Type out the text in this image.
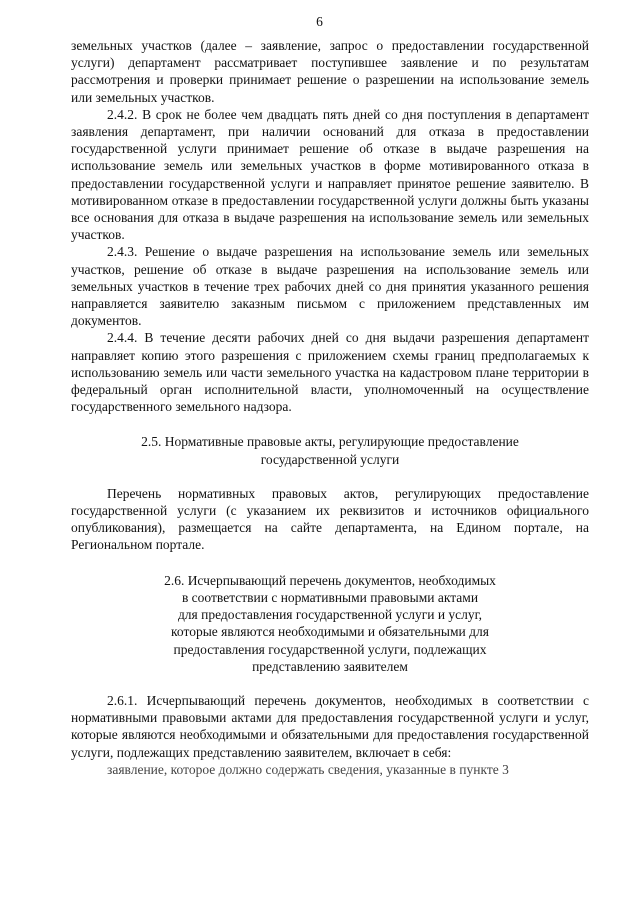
6

земельных участков (далее – заявление, запрос о предоставлении государственной услуги) департамент рассматривает поступившее заявление и по результатам рассмотрения и проверки принимает решение о разрешении на использование земель или земельных участков.

2.4.2. В срок не более чем двадцать пять дней со дня поступления в департамент заявления департамент, при наличии оснований для отказа в предоставлении государственной услуги принимает решение об отказе в выдаче разрешения на использование земель или земельных участков в форме мотивированного отказа в предоставлении государственной услуги и направляет принятое решение заявителю. В мотивированном отказе в предоставлении государственной услуги должны быть указаны все основания для отказа в выдаче разрешения на использование земель или земельных участков.

2.4.3. Решение о выдаче разрешения на использование земель или земельных участков, решение об отказе в выдаче разрешения на использование земель или земельных участков в течение трех рабочих дней со дня принятия указанного решения направляется заявителю заказным письмом с приложением представленных им документов.

2.4.4. В течение десяти рабочих дней со дня выдачи разрешения департамент направляет копию этого разрешения с приложением схемы границ предполагаемых к использованию земель или части земельного участка на кадастровом плане территории в федеральный орган исполнительной власти, уполномоченный на осуществление государственного земельного надзора.

2.5. Нормативные правовые акты, регулирующие предоставление

государственной услуги

Перечень нормативных правовых актов, регулирующих предоставление государственной услуги (с указанием их реквизитов и источников официального опубликования), размещается на сайте департамента, на Едином портале, на Региональном портале.

2.6. Исчерпывающий перечень документов, необходимых

в соответствии с нормативными правовыми актами

для предоставления государственной услуги и услуг,

которые являются необходимыми и обязательными для

предоставления государственной услуги, подлежащих

представлению заявителем

2.6.1. Исчерпывающий перечень документов, необходимых в соответствии с нормативными правовыми актами для предоставления государственной услуги и услуг, которые являются необходимыми и обязательными для предоставления государственной услуги, подлежащих представлению заявителем, включает в себя:

заявление, которое должно содержать сведения, указанные в пункте 3
